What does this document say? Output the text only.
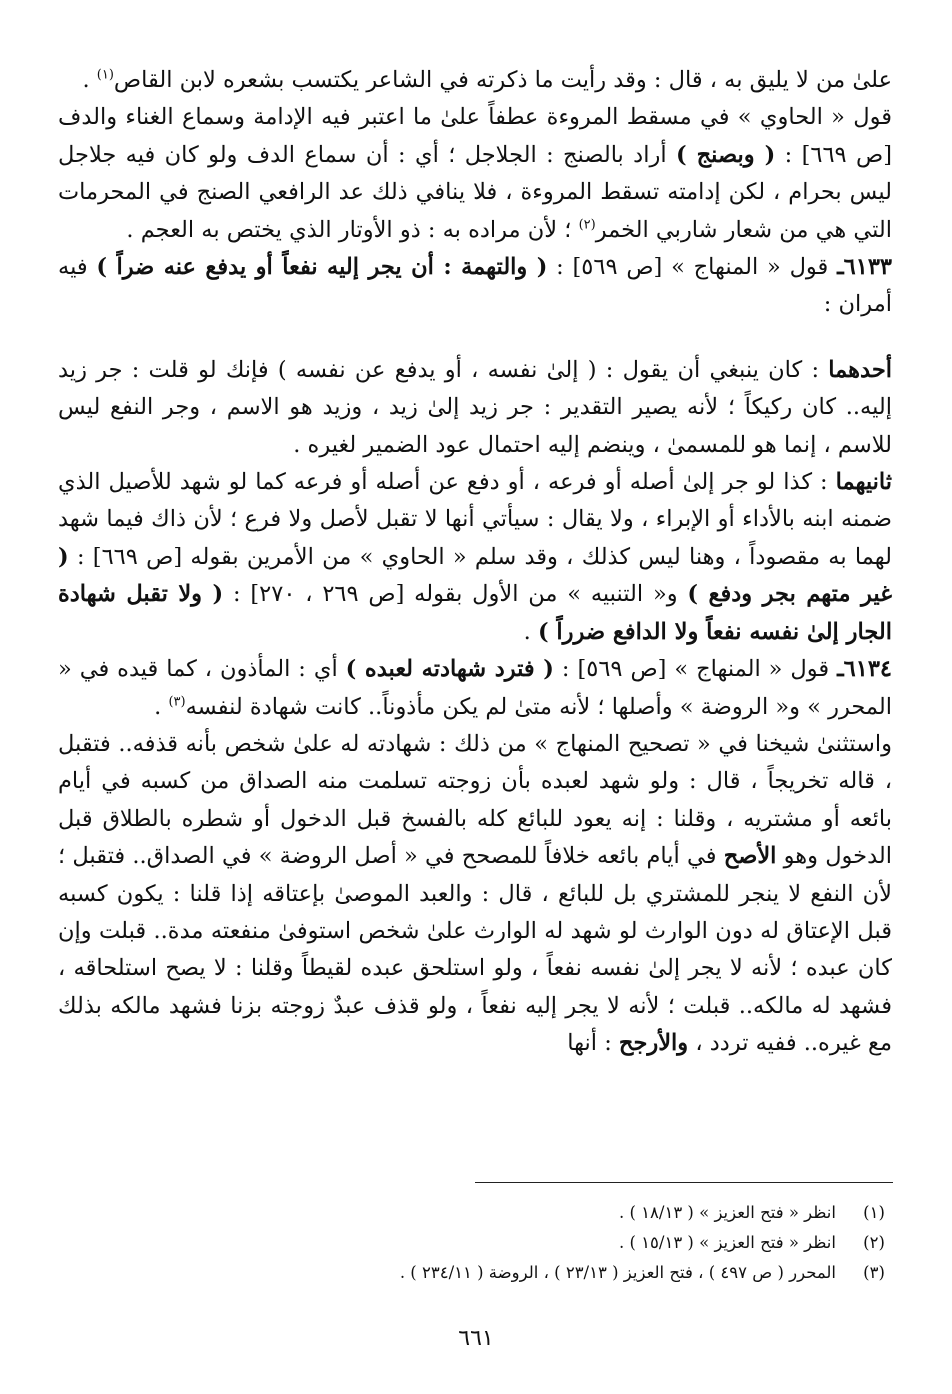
علىٰ من لا يليق به ، قال : وقد رأيت ما ذكرته في الشاعر يكتسب بشعره لابن القاص$^{(١)}$ .

قول « الحاوي » في مسقط المروءة عطفاً علىٰ ما اعتبر فيه الإدامة وسماع الغناء والدف [ص ٦٦٩] : ( وبصنج ) أراد بالصنج : الجلاجل ؛ أي : أن سماع الدف ولو كان فيه جلاجل ليس بحرام ، لكن إدامته تسقط المروءة ، فلا ينافي ذلك عد الرافعي الصنج في المحرمات التي هي من شعار شاربي الخمر$^{(٢)}$ ؛ لأن مراده به : ذو الأوتار الذي يختص به العجم .

٦١٣٣ـ قول « المنهاج » [ص ٥٦٩] : ( والتهمة : أن يجر إليه نفعاً أو يدفع عنه ضراً ) فيه أمران :

أحدهما : كان ينبغي أن يقول : ( إلىٰ نفسه ، أو يدفع عن نفسه ) فإنك لو قلت : جر زيد إليه.. كان ركيكاً ؛ لأنه يصير التقدير : جر زيد إلىٰ زيد ، وزيد هو الاسم ، وجر النفع ليس للاسم ، إنما هو للمسمىٰ ، وينضم إليه احتمال عود الضمير لغيره .

ثانيهما : كذا لو جر إلىٰ أصله أو فرعه ، أو دفع عن أصله أو فرعه كما لو شهد للأصيل الذي ضمنه ابنه بالأداء أو الإبراء ، ولا يقال : سيأتي أنها لا تقبل لأصل ولا فرع ؛ لأن ذاك فيما شهد لهما به مقصوداً ، وهنا ليس كذلك ، وقد سلم « الحاوي » من الأمرين بقوله [ص ٦٦٩] : ( غير متهم بجر ودفع ) و« التنبيه » من الأول بقوله [ص ٢٦٩ ، ٢٧٠] : ( ولا تقبل شهادة الجار إلىٰ نفسه نفعاً ولا الدافع ضرراً ) .

٦١٣٤ـ قول « المنهاج » [ص ٥٦٩] : ( فترد شهادته لعبده ) أي : المأذون ، كما قيده في « المحرر » و« الروضة » وأصلها ؛ لأنه متىٰ لم يكن مأذوناً.. كانت شهادة لنفسه$^{(٣)}$ .

واستثنىٰ شيخنا في « تصحيح المنهاج » من ذلك : شهادته له علىٰ شخص بأنه قذفه.. فتقبل ، قاله تخريجاً ، قال : ولو شهد لعبده بأن زوجته تسلمت منه الصداق من كسبه في أيام بائعه أو مشتريه ، وقلنا : إنه يعود للبائع كله بالفسخ قبل الدخول أو شطره بالطلاق قبل الدخول وهو الأصح في أيام بائعه خلافاً للمصحح في « أصل الروضة » في الصداق.. فتقبل ؛ لأن النفع لا ينجر للمشتري بل للبائع ، قال : والعبد الموصىٰ بإعتاقه إذا قلنا : يكون كسبه قبل الإعتاق له دون الوارث لو شهد له الوارث علىٰ شخص استوفىٰ منفعته مدة.. قبلت وإن كان عبده ؛ لأنه لا يجر إلىٰ نفسه نفعاً ، ولو استلحق عبده لقيطاً وقلنا : لا يصح استلحاقه ، فشهد له مالكه.. قبلت ؛ لأنه لا يجر إليه نفعاً ، ولو قذف عبدٌ زوجته بزنا فشهد مالكه بذلك مع غيره.. ففيه تردد ، والأرجح : أنها

(١)
انظر « فتح العزيز » ( ١٨/١٣ ) .
(٢)
انظر « فتح العزيز » ( ١٥/١٣ ) .
(٣)
المحرر ( ص ٤٩٧ ) ، فتح العزيز ( ٢٣/١٣ ) ، الروضة ( ٢٣٤/١١ ) .
٦٦١
